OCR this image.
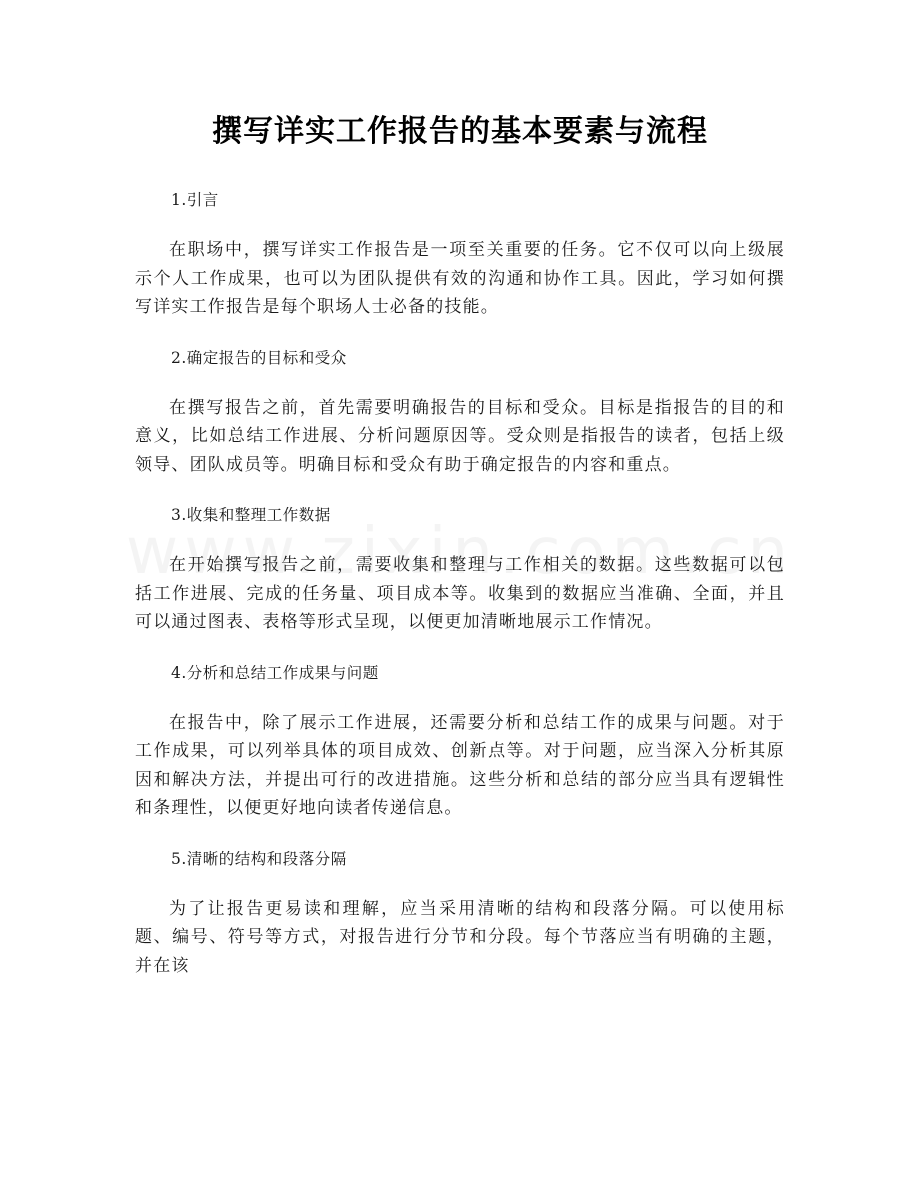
撰写详实工作报告的基本要素与流程

1.引言

在职场中，撰写详实工作报告是一项至关重要的任务。它不仅可以向上级展示个人工作成果，也可以为团队提供有效的沟通和协作工具。因此，学习如何撰写详实工作报告是每个职场人士必备的技能。

2.确定报告的目标和受众

在撰写报告之前，首先需要明确报告的目标和受众。目标是指报告的目的和意义，比如总结工作进展、分析问题原因等。受众则是指报告的读者，包括上级领导、团队成员等。明确目标和受众有助于确定报告的内容和重点。

3.收集和整理工作数据

在开始撰写报告之前，需要收集和整理与工作相关的数据。这些数据可以包括工作进展、完成的任务量、项目成本等。收集到的数据应当准确、全面，并且可以通过图表、表格等形式呈现，以便更加清晰地展示工作情况。

4.分析和总结工作成果与问题

在报告中，除了展示工作进展，还需要分析和总结工作的成果与问题。对于工作成果，可以列举具体的项目成效、创新点等。对于问题，应当深入分析其原因和解决方法，并提出可行的改进措施。这些分析和总结的部分应当具有逻辑性和条理性，以便更好地向读者传递信息。

5.清晰的结构和段落分隔

为了让报告更易读和理解，应当采用清晰的结构和段落分隔。可以使用标题、编号、符号等方式，对报告进行分节和分段。每个节落应当有明确的主题，并在该
